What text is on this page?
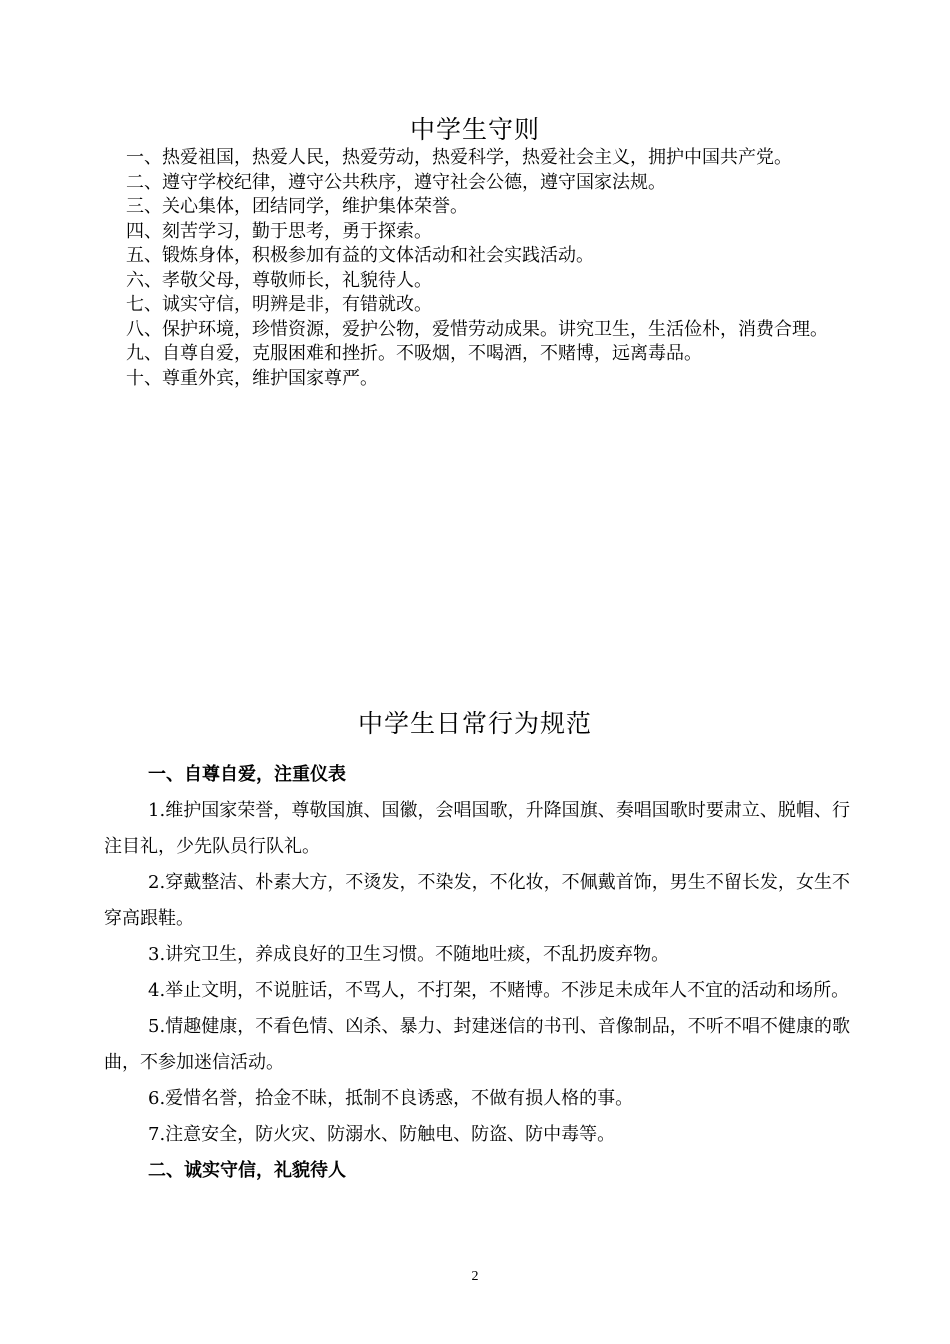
中学生守则
一、热爱祖国，热爱人民，热爱劳动，热爱科学，热爱社会主义，拥护中国共产党。
二、遵守学校纪律，遵守公共秩序，遵守社会公德，遵守国家法规。
三、关心集体，团结同学，维护集体荣誉。
四、刻苦学习，勤于思考，勇于探索。
五、锻炼身体，积极参加有益的文体活动和社会实践活动。
六、孝敬父母，尊敬师长，礼貌待人。
七、诚实守信，明辨是非，有错就改。
八、保护环境，珍惜资源，爱护公物，爱惜劳动成果。讲究卫生，生活俭朴，消费合理。
九、自尊自爱，克服困难和挫折。不吸烟，不喝酒，不赌博，远离毒品。
十、尊重外宾，维护国家尊严。
中学生日常行为规范
一、自尊自爱，注重仪表
1.维护国家荣誉，尊敬国旗、国徽，会唱国歌，升降国旗、奏唱国歌时要肃立、脱帽、行注目礼，少先队员行队礼。
2.穿戴整洁、朴素大方，不烫发，不染发，不化妆，不佩戴首饰，男生不留长发，女生不穿高跟鞋。
3.讲究卫生，养成良好的卫生习惯。不随地吐痰，不乱扔废弃物。
4.举止文明，不说脏话，不骂人，不打架，不赌博。不涉足未成年人不宜的活动和场所。
5.情趣健康，不看色情、凶杀、暴力、封建迷信的书刊、音像制品，不听不唱不健康的歌曲，不参加迷信活动。
6.爱惜名誉，拾金不昧，抵制不良诱惑，不做有损人格的事。
7.注意安全，防火灾、防溺水、防触电、防盗、防中毒等。
二、诚实守信，礼貌待人
2
